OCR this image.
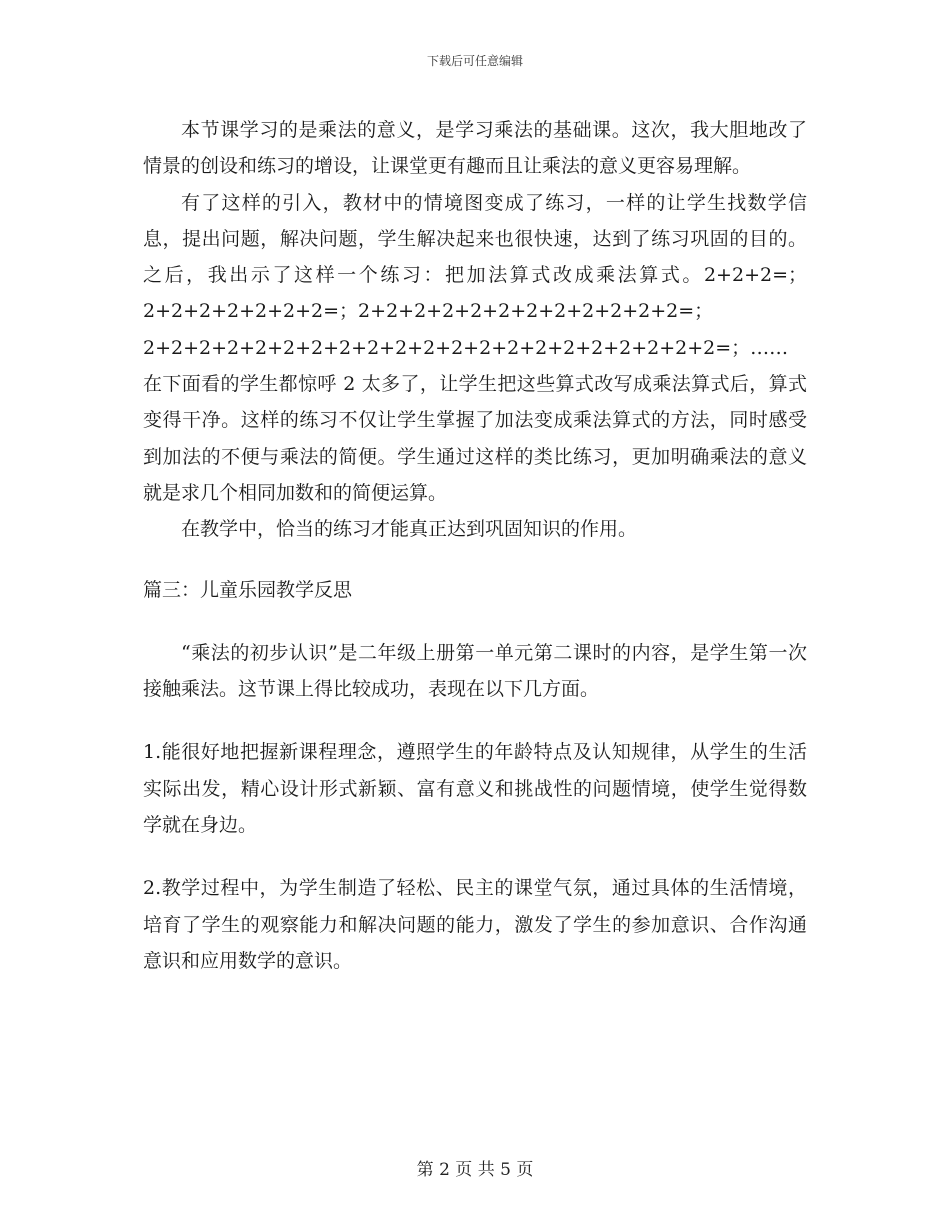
下载后可任意编辑

本节课学习的是乘法的意义，是学习乘法的基础课。这次，我大胆地改了情景的创设和练习的增设，让课堂更有趣而且让乘法的意义更容易理解。

有了这样的引入，教材中的情境图变成了练习，一样的让学生找数学信息，提出问题，解决问题，学生解决起来也很快速，达到了练习巩固的目的。之后，我出示了这样一个练习：把加法算式改成乘法算式。2+2+2=；2+2+2+2+2+2+2=；2+2+2+2+2+2+2+2+2+2+2+2=；2+2+2+2+2+2+2+2+2+2+2+2+2+2+2+2+2+2+2+2+2=；……在下面看的学生都惊呼 2 太多了，让学生把这些算式改写成乘法算式后，算式变得干净。这样的练习不仅让学生掌握了加法变成乘法算式的方法，同时感受到加法的不便与乘法的简便。学生通过这样的类比练习，更加明确乘法的意义就是求几个相同加数和的简便运算。

在教学中，恰当的练习才能真正达到巩固知识的作用。

篇三：儿童乐园教学反思

“乘法的初步认识”是二年级上册第一单元第二课时的内容，是学生第一次接触乘法。这节课上得比较成功，表现在以下几方面。

1.能很好地把握新课程理念，遵照学生的年龄特点及认知规律，从学生的生活实际出发，精心设计形式新颖、富有意义和挑战性的问题情境，使学生觉得数学就在身边。

2.教学过程中，为学生制造了轻松、民主的课堂气氛，通过具体的生活情境，培育了学生的观察能力和解决问题的能力，激发了学生的参加意识、合作沟通意识和应用数学的意识。

第 2 页 共 5 页
